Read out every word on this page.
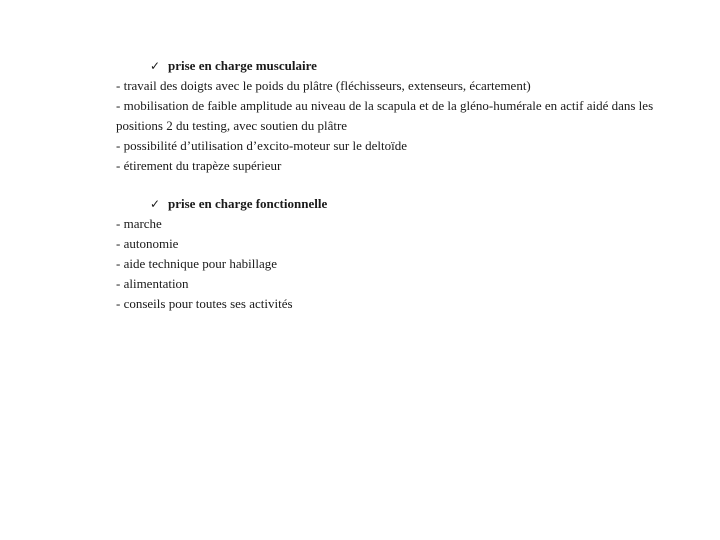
✓ prise en charge musculaire

- travail des doigts avec le poids du plâtre (fléchisseurs, extenseurs, écartement)

- mobilisation de faible amplitude au niveau de la scapula et de la gléno-humérale en actif aidé dans les positions 2 du testing, avec soutien du plâtre

- possibilité d’utilisation d’excito-moteur sur le deltoïde

- étirement du trapèze supérieur

✓ prise en charge fonctionnelle

- marche

- autonomie

- aide technique pour habillage

- alimentation

- conseils pour toutes ses activités
